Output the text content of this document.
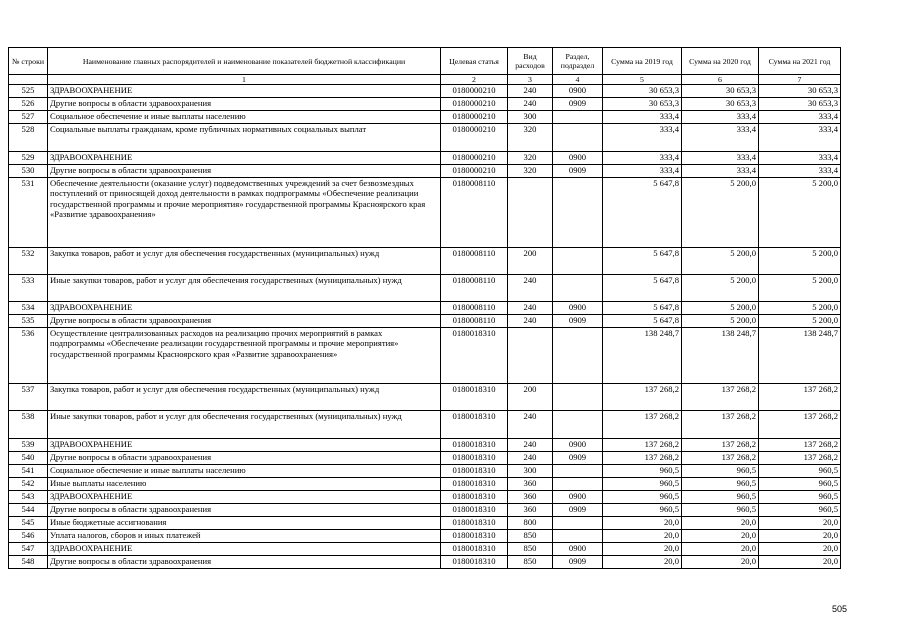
№ строки	Наименование главных распорядителей и наименование показателей бюджетной классификации	Целевая статья	Вид расходов	Раздел, подраздел	Сумма на 2019 год	Сумма на 2020 год	Сумма на 2021 год
	1	2	3	4	5	6	7
525	ЗДРАВООХРАНЕНИЕ	0180000210	240	0900	30 653,3	30 653,3	30 653,3
526	Другие вопросы в области здравоохранения	0180000210	240	0909	30 653,3	30 653,3	30 653,3
527	Социальное обеспечение и иные выплаты населению	0180000210	300		333,4	333,4	333,4
528	Социальные выплаты гражданам, кроме публичных нормативных социальных выплат	0180000210	320		333,4	333,4	333,4
529	ЗДРАВООХРАНЕНИЕ	0180000210	320	0900	333,4	333,4	333,4
530	Другие вопросы в области здравоохранения	0180000210	320	0909	333,4	333,4	333,4
531	Обеспечение деятельности (оказание услуг) подведомственных учреждений за счет безвозмездных поступлений от приносящей доход деятельности в рамках подпрограммы «Обеспечение реализации государственной программы и прочие мероприятия» государственной программы Красноярского края «Развитие здравоохранения»	0180008110			5 647,8	5 200,0	5 200,0
532	Закупка товаров, работ и услуг для обеспечения государственных (муниципальных) нужд	0180008110	200		5 647,8	5 200,0	5 200,0
533	Иные закупки товаров, работ и услуг для обеспечения государственных (муниципальных) нужд	0180008110	240		5 647,8	5 200,0	5 200,0
534	ЗДРАВООХРАНЕНИЕ	0180008110	240	0900	5 647,8	5 200,0	5 200,0
535	Другие вопросы в области здравоохранения	0180008110	240	0909	5 647,8	5 200,0	5 200,0
536	Осуществление централизованных расходов на реализацию прочих мероприятий в рамках подпрограммы «Обеспечение реализации государственной программы и прочие мероприятия» государственной программы Красноярского края «Развитие здравоохранения»	0180018310			138 248,7	138 248,7	138 248,7
537	Закупка товаров, работ и услуг для обеспечения государственных (муниципальных) нужд	0180018310	200		137 268,2	137 268,2	137 268,2
538	Иные закупки товаров, работ и услуг для обеспечения государственных (муниципальных) нужд	0180018310	240		137 268,2	137 268,2	137 268,2
539	ЗДРАВООХРАНЕНИЕ	0180018310	240	0900	137 268,2	137 268,2	137 268,2
540	Другие вопросы в области здравоохранения	0180018310	240	0909	137 268,2	137 268,2	137 268,2
541	Социальное обеспечение и иные выплаты населению	0180018310	300		960,5	960,5	960,5
542	Иные выплаты населению	0180018310	360		960,5	960,5	960,5
543	ЗДРАВООХРАНЕНИЕ	0180018310	360	0900	960,5	960,5	960,5
544	Другие вопросы в области здравоохранения	0180018310	360	0909	960,5	960,5	960,5
545	Иные бюджетные ассигнования	0180018310	800		20,0	20,0	20,0
546	Уплата налогов, сборов и иных платежей	0180018310	850		20,0	20,0	20,0
547	ЗДРАВООХРАНЕНИЕ	0180018310	850	0900	20,0	20,0	20,0
548	Другие вопросы в области здравоохранения	0180018310	850	0909	20,0	20,0	20,0
505
